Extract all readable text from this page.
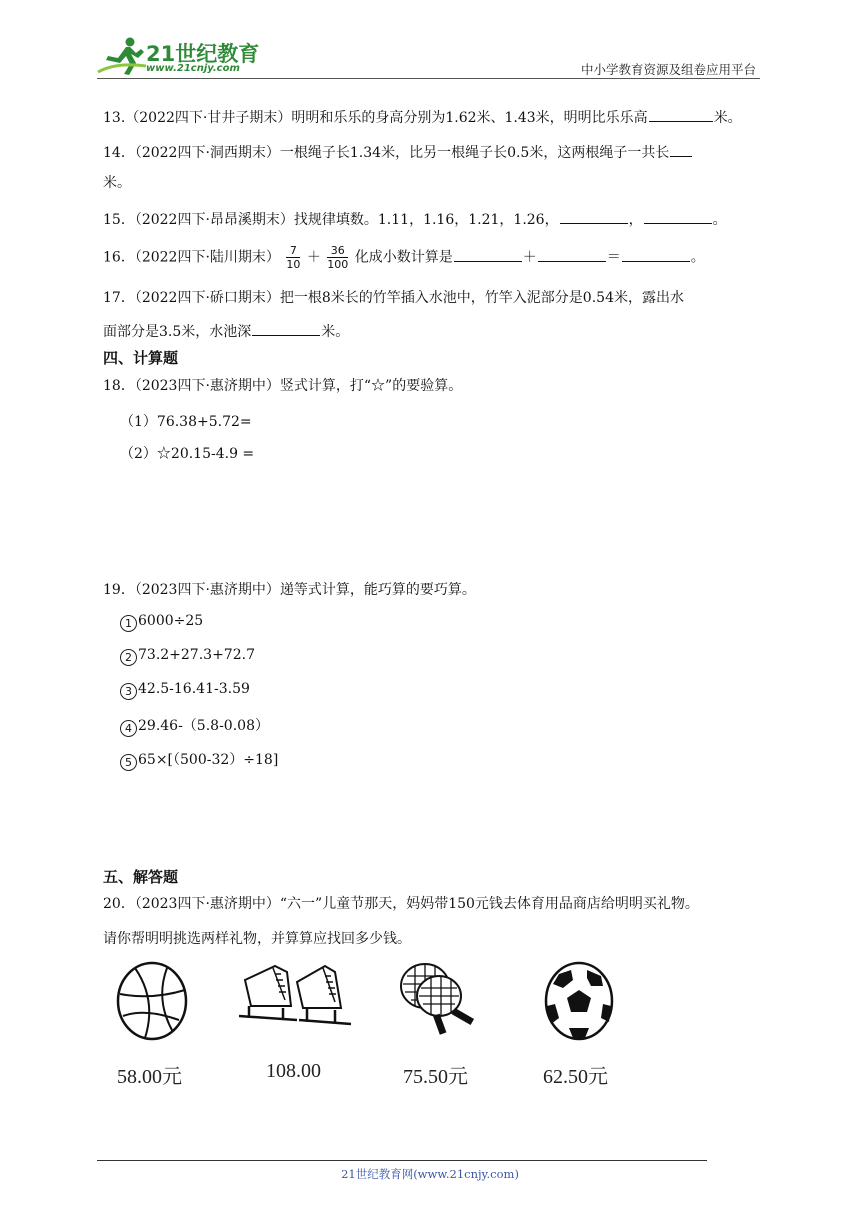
21世纪教育
www.21cnjy.com	中小学教育资源及组卷应用平台
13.（2022四下·甘井子期末）明明和乐乐的身高分别为1.62米、1.43米，明明比乐乐高	米。
14．（2022四下·洞西期末）一根绳子长1.34米，比另一根绳子长0.5米，这两根绳子一共长
米。
15．（2022四下·昂昂溪期末）找规律填数。1.11，1.16，1.21，1.26，	，	。
16．（2022四下·陆川期末） $\frac{7}{10} + \frac{36}{100}$ 化成小数计算是	＋	＝	。
17．（2022四下·硚口期末）把一根8米长的竹竿插入水池中，竹竿入泥部分是0.54米，露出水
面部分是3.5米，水池深	米。
四、计算题
18．（2023四下·惠济期中）竖式计算，打“☆”的要验算。
（1）76.38+5.72=
（2）☆20.15-4.9 =
19．（2023四下·惠济期中）递等式计算，能巧算的要巧算。
1 6000÷25
2 73.2+27.3+72.7
3 42.5-16.41-3.59
4 29.46-（5.8-0.08）
5 65×[（500-32）÷18]
五、解答题
20．（2023四下·惠济期中）“六一”儿童节那天，妈妈带150元钱去体育用品商店给明明买礼物。
请你帮明明挑选两样礼物，并算算应找回多少钱。
58.00元	108.00	75.50元	62.50元
21世纪教育网(www.21cnjy.com)
